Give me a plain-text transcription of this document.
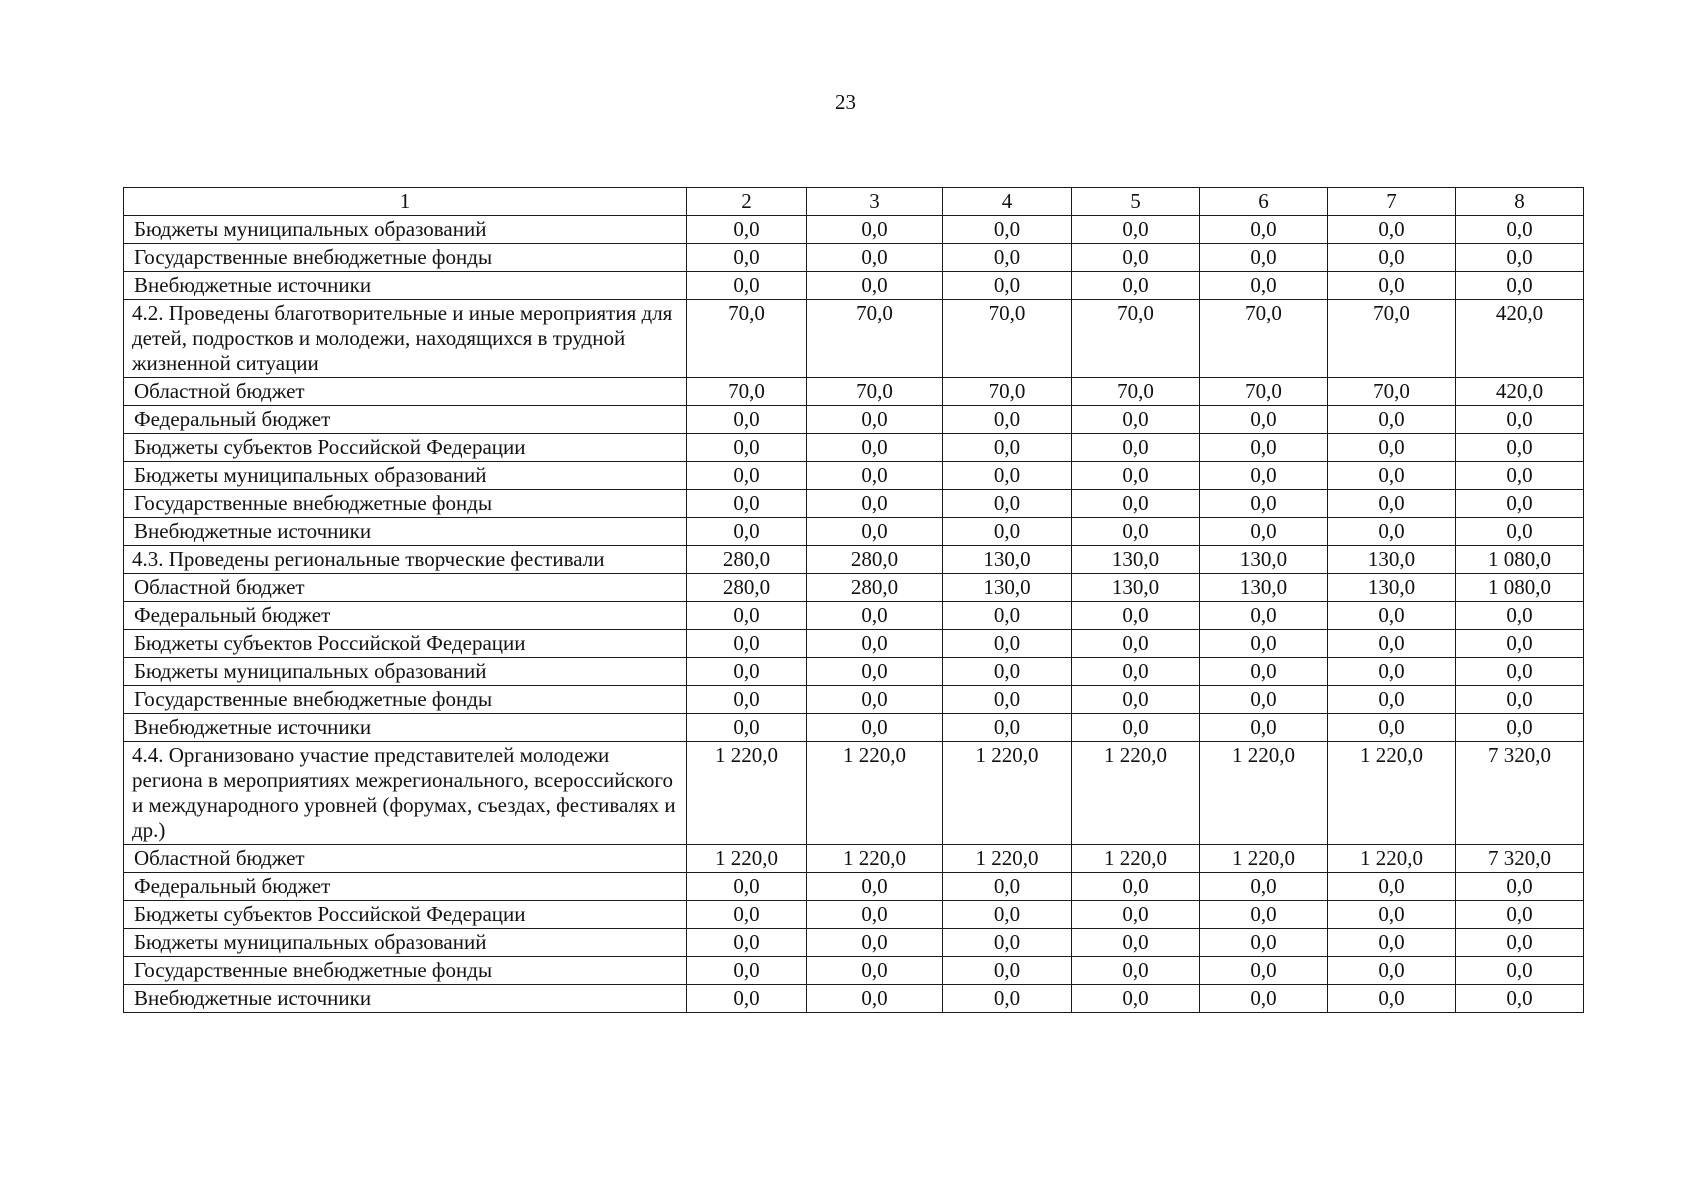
23
1	2	3	4	5	6	7	8
Бюджеты муниципальных образований	0,0	0,0	0,0	0,0	0,0	0,0	0,0
Государственные внебюджетные фонды	0,0	0,0	0,0	0,0	0,0	0,0	0,0
Внебюджетные источники	0,0	0,0	0,0	0,0	0,0	0,0	0,0
4.2. Проведены благотворительные и иные мероприятия для детей, подростков и молодежи, находящихся в трудной жизненной ситуации	70,0	70,0	70,0	70,0	70,0	70,0	420,0
Областной бюджет	70,0	70,0	70,0	70,0	70,0	70,0	420,0
Федеральный бюджет	0,0	0,0	0,0	0,0	0,0	0,0	0,0
Бюджеты субъектов Российской Федерации	0,0	0,0	0,0	0,0	0,0	0,0	0,0
Бюджеты муниципальных образований	0,0	0,0	0,0	0,0	0,0	0,0	0,0
Государственные внебюджетные фонды	0,0	0,0	0,0	0,0	0,0	0,0	0,0
Внебюджетные источники	0,0	0,0	0,0	0,0	0,0	0,0	0,0
4.3. Проведены региональные творческие фестивали	280,0	280,0	130,0	130,0	130,0	130,0	1 080,0
Областной бюджет	280,0	280,0	130,0	130,0	130,0	130,0	1 080,0
Федеральный бюджет	0,0	0,0	0,0	0,0	0,0	0,0	0,0
Бюджеты субъектов Российской Федерации	0,0	0,0	0,0	0,0	0,0	0,0	0,0
Бюджеты муниципальных образований	0,0	0,0	0,0	0,0	0,0	0,0	0,0
Государственные внебюджетные фонды	0,0	0,0	0,0	0,0	0,0	0,0	0,0
Внебюджетные источники	0,0	0,0	0,0	0,0	0,0	0,0	0,0
4.4. Организовано участие представителей молодежи региона в мероприятиях межрегионального, всероссийского и международного уровней (форумах, съездах, фестивалях и др.)	1 220,0	1 220,0	1 220,0	1 220,0	1 220,0	1 220,0	7 320,0
Областной бюджет	1 220,0	1 220,0	1 220,0	1 220,0	1 220,0	1 220,0	7 320,0
Федеральный бюджет	0,0	0,0	0,0	0,0	0,0	0,0	0,0
Бюджеты субъектов Российской Федерации	0,0	0,0	0,0	0,0	0,0	0,0	0,0
Бюджеты муниципальных образований	0,0	0,0	0,0	0,0	0,0	0,0	0,0
Государственные внебюджетные фонды	0,0	0,0	0,0	0,0	0,0	0,0	0,0
Внебюджетные источники	0,0	0,0	0,0	0,0	0,0	0,0	0,0
